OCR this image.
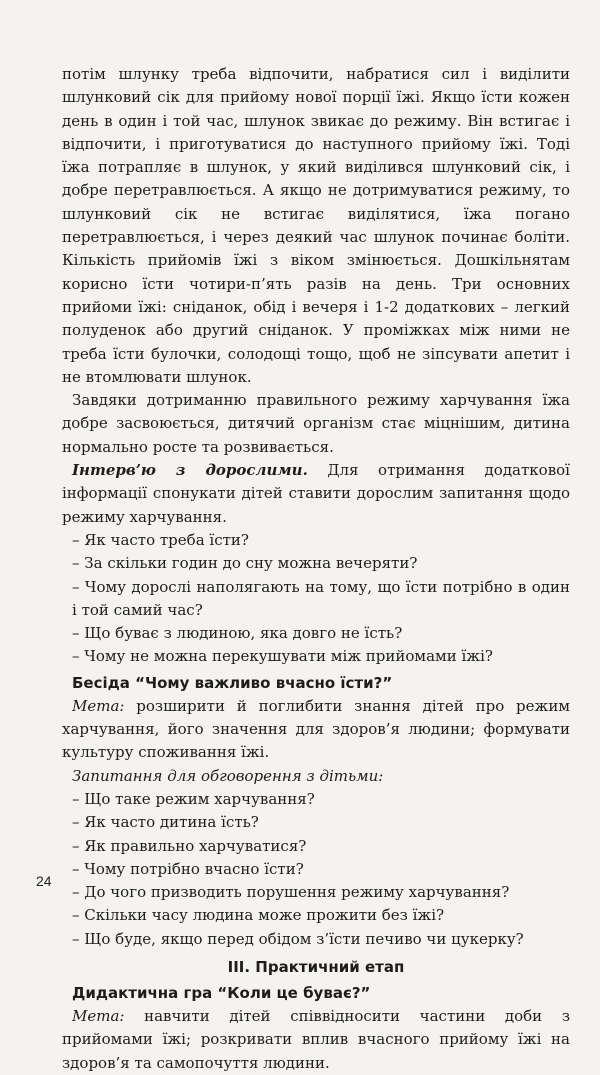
потім шлунку треба відпочити, набратися сил і виділити шлунковий сік для прийому нової порції їжі. Якщо їсти кожен день в один і той час, шлунок звикає до режиму. Він встигає і відпочити, і приготуватися до наступного прийому їжі. Тоді їжа потрапляє в шлунок, у який виділився шлунковий сік, і добре перетравлюється. А якщо не дотримуватися режиму, то шлунковий сік не встигає виділятися, їжа погано перетравлюється, і через деякий час шлунок починає боліти. Кількість прийомів їжі з віком змінюється. Дошкільнятам корисно їсти чотири-п’ять разів на день. Три основних прийоми їжі: сніданок, обід і вечеря і 1-2 додаткових – легкий полуденок або другий сніданок. У проміжках між ними не треба їсти булочки, солодощі тощо, щоб не зіпсувати апетит і не втомлювати шлунок.

Завдяки дотриманню правильного режиму харчування їжа добре засвоюється, дитячий організм стає міцнішим, дитина нормально росте та розвивається.

Інтерв’ю з дорослими. Для отримання додаткової інформації спонукати дітей ставити дорослим запитання щодо режиму харчування.

– Як часто треба їсти?
– За скільки годин до сну можна вечеряти?
– Чому дорослі наполягають на тому, що їсти потрібно в один і той самий час?
– Що буває з людиною, яка довго не їсть?
– Чому не можна перекушувати між прийомами їжі?
Бесіда “Чому важливо вчасно їсти?”

Мета: розширити й поглибити знання дітей про режим харчування, його значення для здоров’я людини; формувати культуру споживання їжі.

Запитання для обговорення з дітьми:

– Що таке режим харчування?
– Як часто дитина їсть?
– Як правильно харчуватися?
– Чому потрібно вчасно їсти?
– До чого призводить порушення режиму харчування?
– Скільки часу людина може прожити без їжі?
– Що буде, якщо перед обідом з’їсти печиво чи цукерку?
ІІІ. Практичний етап
Дидактична гра “Коли це буває?”

Мета: навчити дітей співвідносити частини доби з прийомами їжі; розкривати вплив вчасного прийому їжі на здоров’я та самопочуття людини.

24
